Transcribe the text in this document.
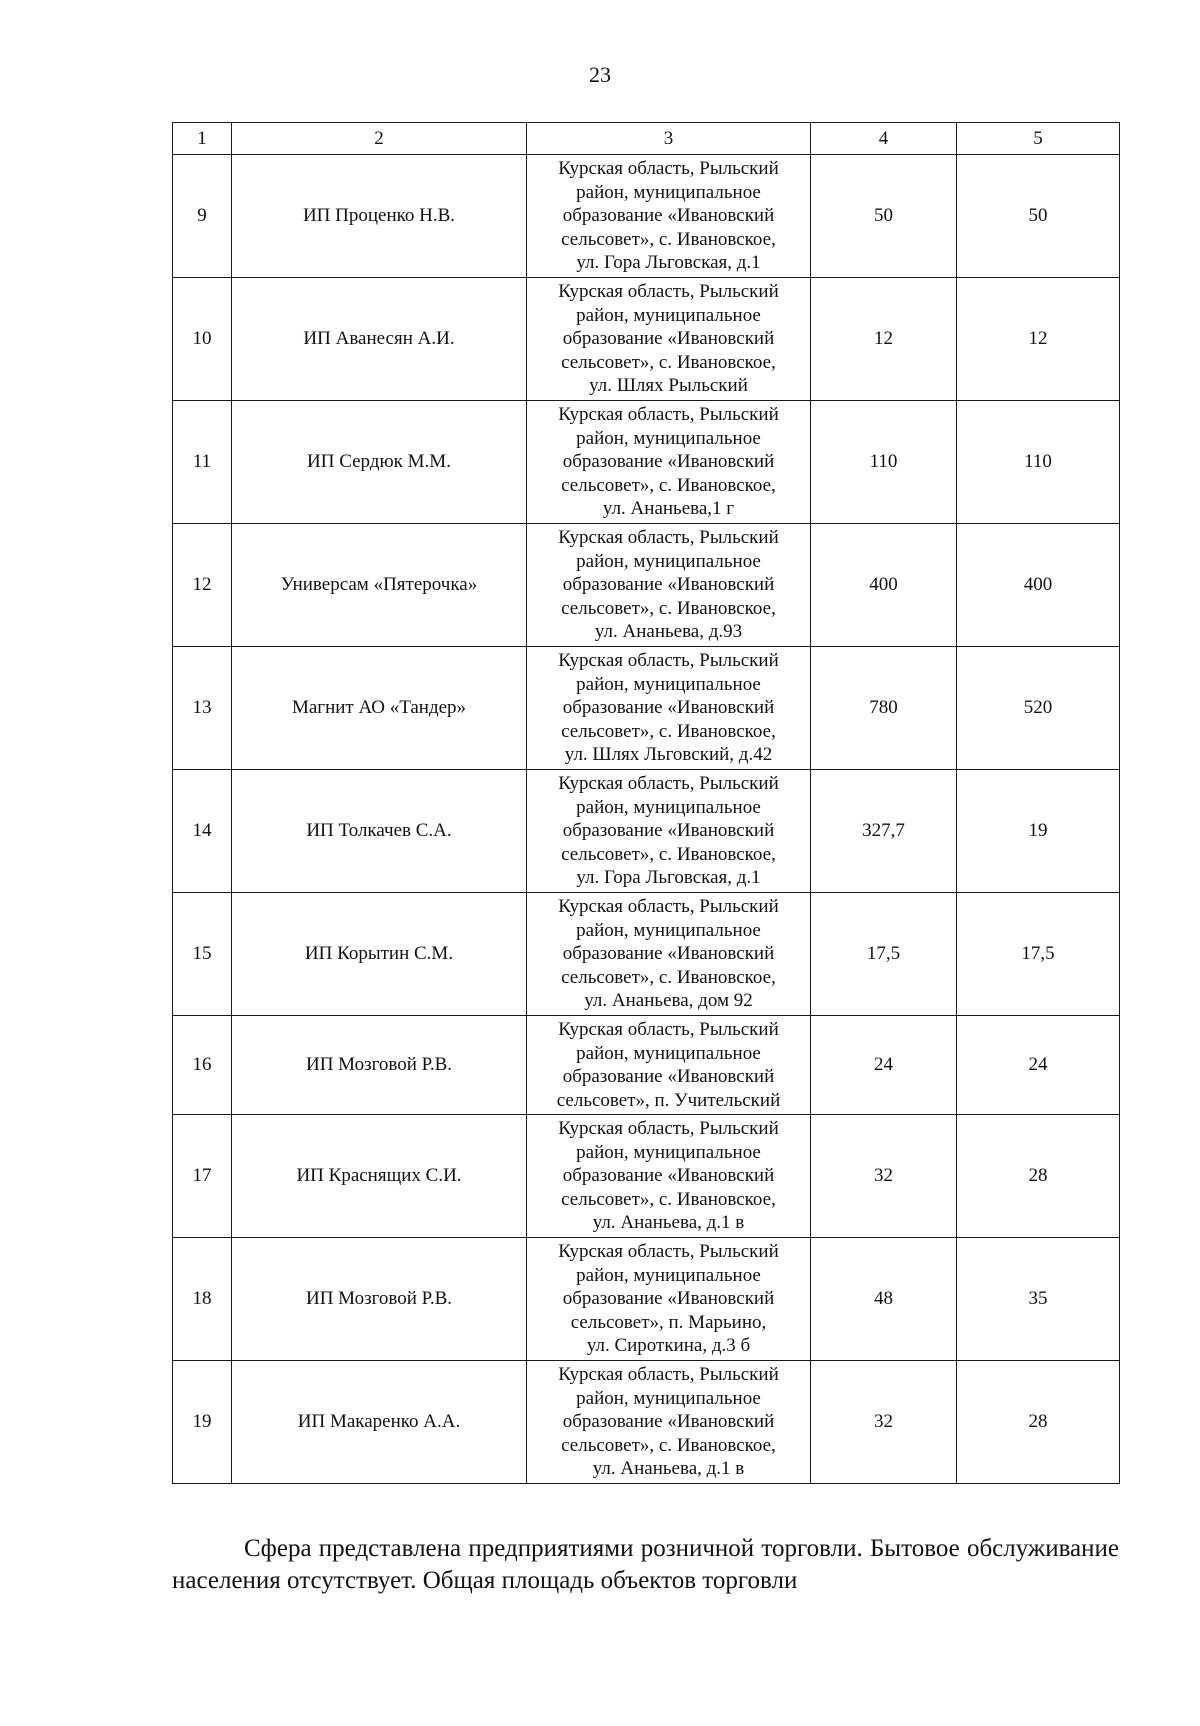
23
1	2	3	4	5
9	ИП Проценко Н.В.	Курская область, Рыльский
район, муниципальное
образование «Ивановский
сельсовет», с. Ивановское,
ул. Гора Льговская, д.1	50	50
10	ИП Аванесян А.И.	Курская область, Рыльский
район, муниципальное
образование «Ивановский
сельсовет», с. Ивановское,
ул. Шлях Рыльский	12	12
11	ИП Сердюк М.М.	Курская область, Рыльский
район, муниципальное
образование «Ивановский
сельсовет», с. Ивановское,
ул. Ананьева,1 г	110	110
12	Универсам «Пятерочка»	Курская область, Рыльский
район, муниципальное
образование «Ивановский
сельсовет», с. Ивановское,
ул. Ананьева, д.93	400	400
13	Магнит АО «Тандер»	Курская область, Рыльский
район, муниципальное
образование «Ивановский
сельсовет», с. Ивановское,
ул. Шлях Льговский, д.42	780	520
14	ИП Толкачев С.А.	Курская область, Рыльский
район, муниципальное
образование «Ивановский
сельсовет», с. Ивановское,
ул. Гора Льговская, д.1	327,7	19
15	ИП Корытин С.М.	Курская область, Рыльский
район, муниципальное
образование «Ивановский
сельсовет», с. Ивановское,
ул. Ананьева, дом 92	17,5	17,5
16	ИП Мозговой Р.В.	Курская область, Рыльский
район, муниципальное
образование «Ивановский
сельсовет», п. Учительский	24	24
17	ИП Краснящих С.И.	Курская область, Рыльский
район, муниципальное
образование «Ивановский
сельсовет», с. Ивановское,
ул. Ананьева, д.1 в	32	28
18	ИП Мозговой Р.В.	Курская область, Рыльский
район, муниципальное
образование «Ивановский
сельсовет», п. Марьино,
ул. Сироткина, д.3 б	48	35
19	ИП Макаренко А.А.	Курская область, Рыльский
район, муниципальное
образование «Ивановский
сельсовет», с. Ивановское,
ул. Ананьева, д.1 в	32	28

Сфера представлена предприятиями розничной торговли. Бытовое обслуживание населения отсутствует. Общая площадь объектов торговли
